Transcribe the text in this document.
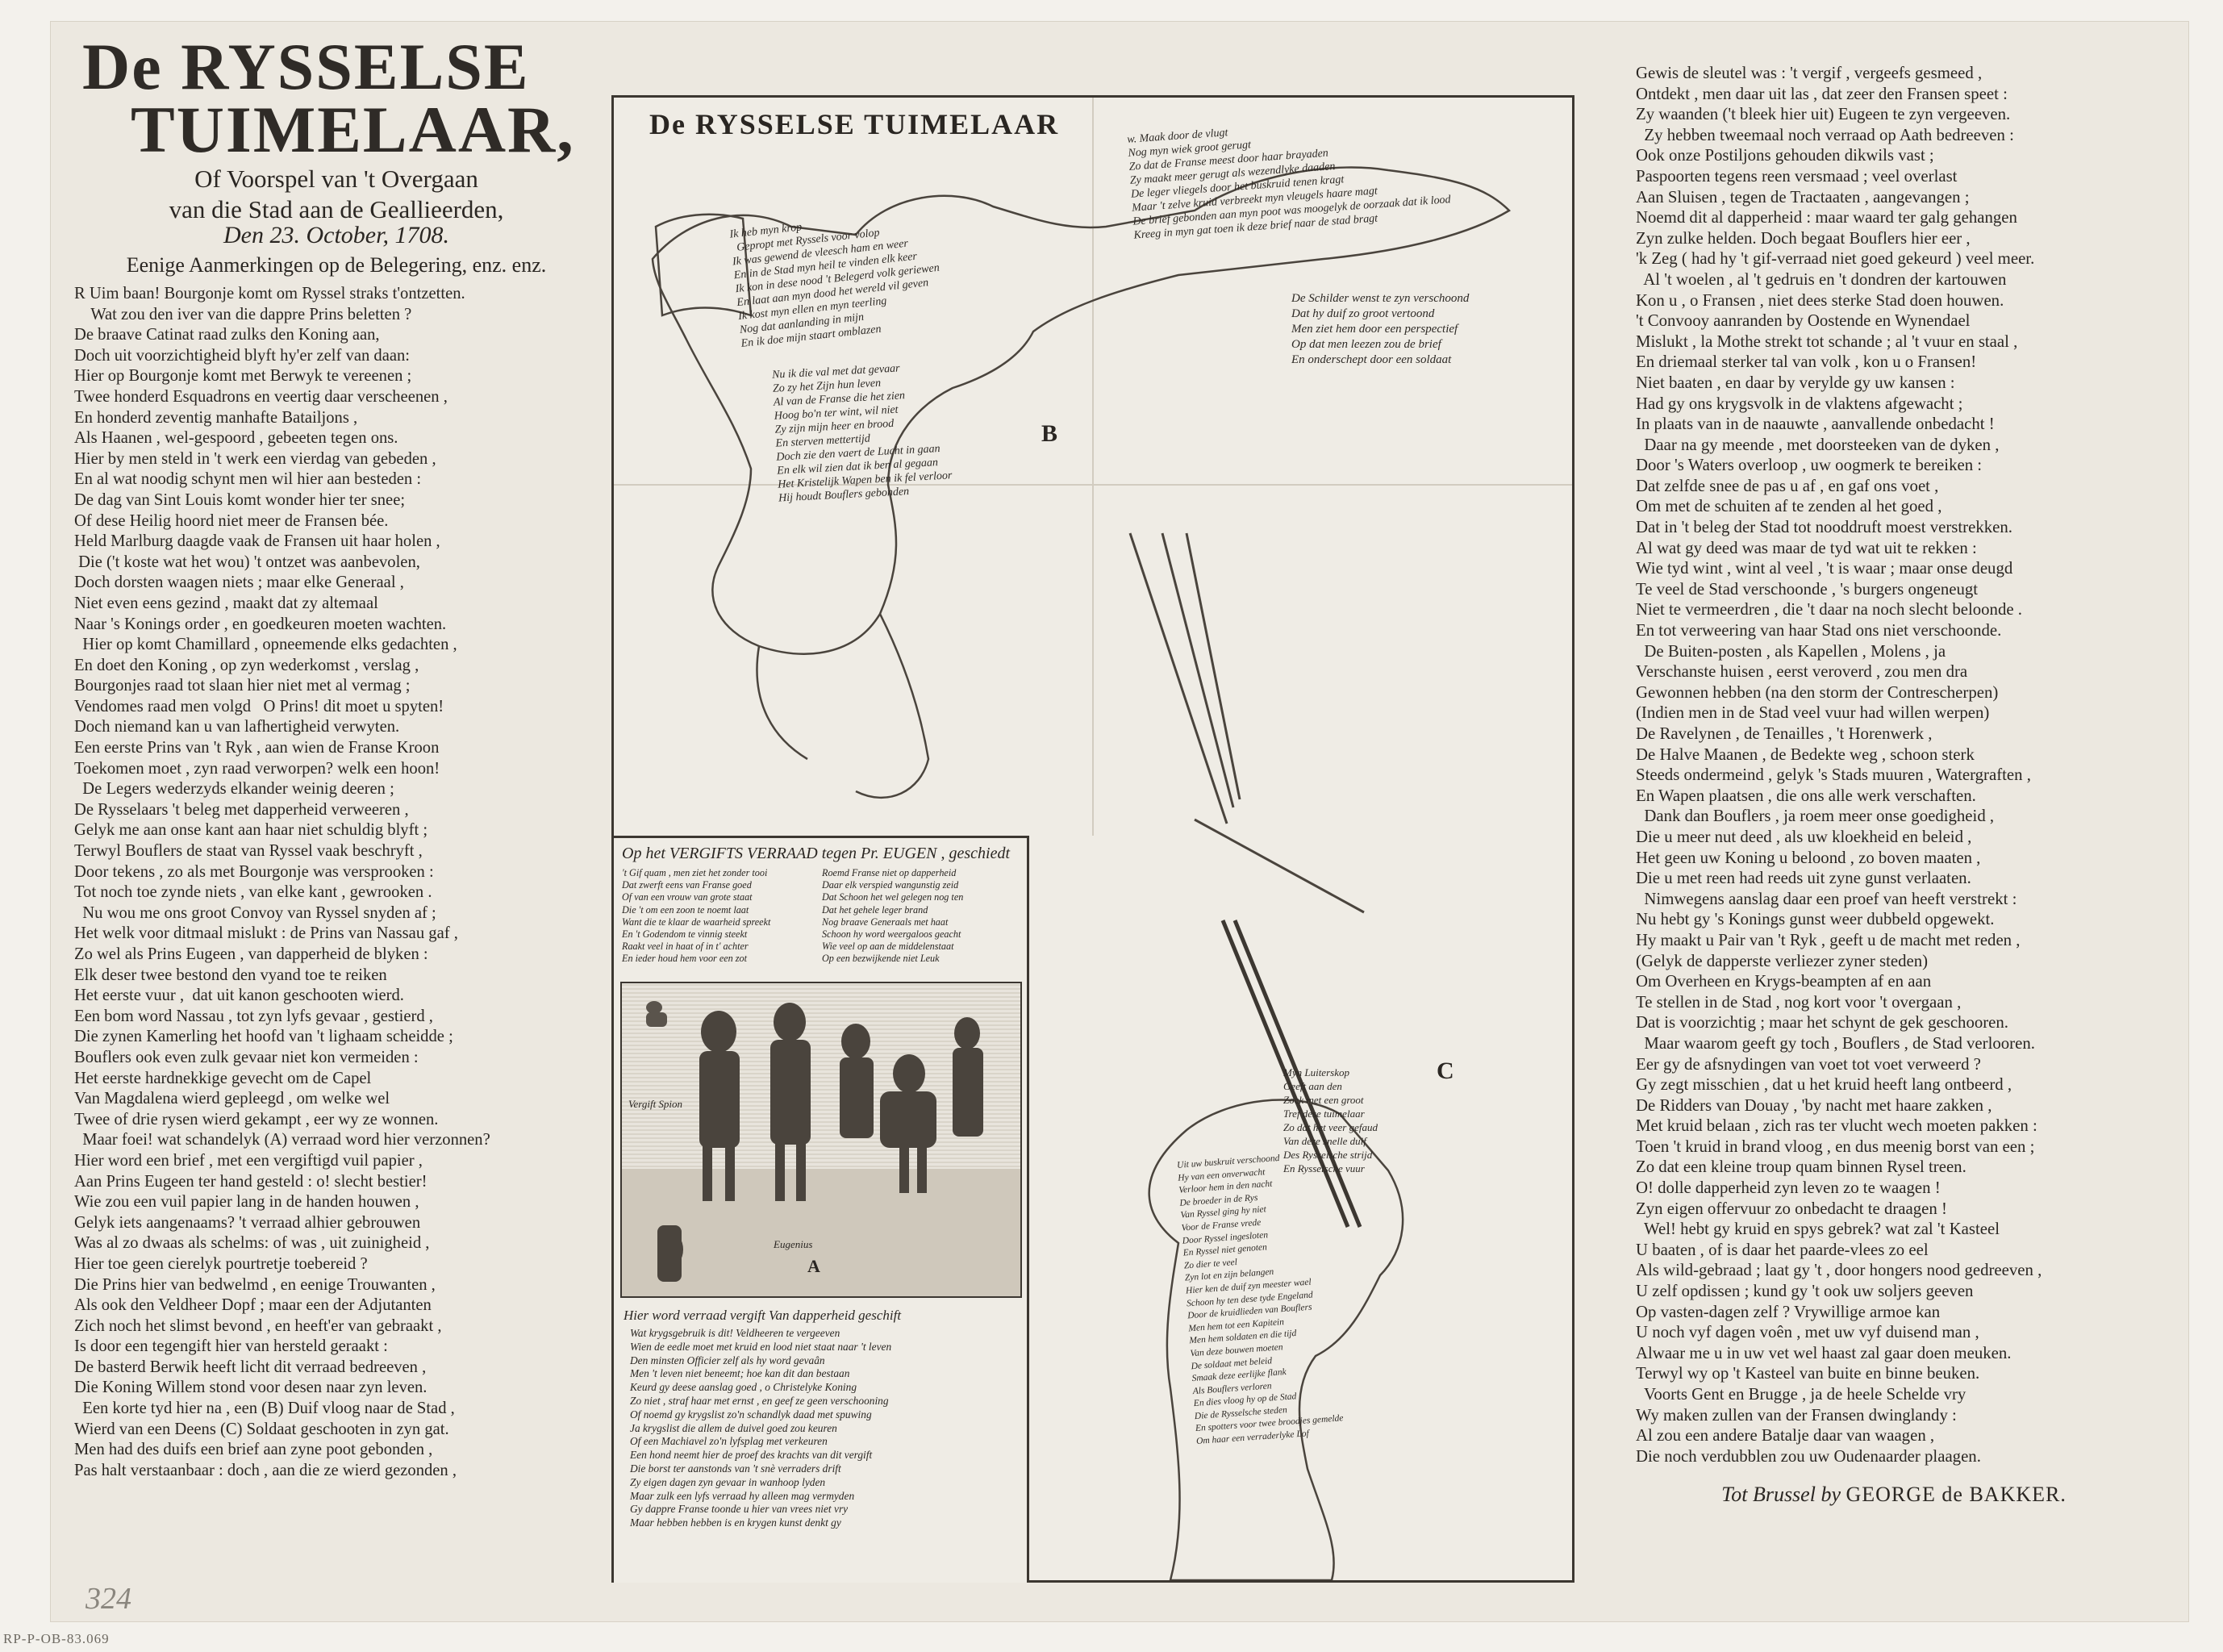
De RYSSELSE
TUIMELAAR,
Of Voorspel van 't Overgaan
van die Stad aan de Geallieerden,
Den 23. October, 1708.
Eenige Aanmerkingen op de Belegering, enz. enz.
R Uim baan! Bourgonje komt om Ryssel straks t'ontzetten.
Wat zou den iver van die dappre Prins beletten ?
De braave Catinat raad zulks den Koning aan,
Doch uit voorzichtigheid blyft hy'er zelf van daan:
Hier op Bourgonje komt met Berwyk te vereenen ;
Twee honderd Esquadrons en veertig daar verscheenen ,
En honderd zeventig manhafte Batailjons ,
Als Haanen , wel-gespoord , gebeeten tegen ons.
Hier by men steld in 't werk een vierdag van gebeden ,
En al wat noodig schynt men wil hier aan besteden :
De dag van Sint Louis komt wonder hier ter snee;
Of dese Heilig hoord niet meer de Fransen bée.
Held Marlburg daagde vaak de Fransen uit haar holen ,
Die ('t koste wat het wou) 't ontzet was aanbevolen,
Doch dorsten waagen niets ; maar elke Generaal ,
Niet even eens gezind , maakt dat zy altemaal
Naar 's Konings order , en goedkeuren moeten wachten.
Hier op komt Chamillard , opneemende elks gedachten ,
En doet den Koning , op zyn wederkomst , verslag ,
Bourgonjes raad tot slaan hier niet met al vermag ;
Vendomes raad men volgd   O Prins! dit moet u spyten!
Doch niemand kan u van lafhertigheid verwyten.
Een eerste Prins van 't Ryk , aan wien de Franse Kroon
Toekomen moet , zyn raad verworpen? welk een hoon!
De Legers wederzyds elkander weinig deeren ;
De Rysselaars 't beleg met dapperheid verweeren ,
Gelyk me aan onse kant aan haar niet schuldig blyft ;
Terwyl Bouflers de staat van Ryssel vaak beschryft ,
Door tekens , zo als met Bourgonje was versprooken :
Tot noch toe zynde niets , van elke kant , gewrooken .
Nu wou me ons groot Convoy van Ryssel snyden af ;
Het welk voor ditmaal mislukt : de Prins van Nassau gaf ,
Zo wel als Prins Eugeen , van dapperheid de blyken :
Elk deser twee bestond den vyand toe te reiken
Het eerste vuur ,  dat uit kanon geschooten wierd.
Een bom word Nassau , tot zyn lyfs gevaar , gestierd ,
Die zynen Kamerling het hoofd van 't lighaam scheidde ;
Bouflers ook even zulk gevaar niet kon vermeiden :
Het eerste hardnekkige gevecht om de Capel
Van Magdalena wierd gepleegd , om welke wel
Twee of drie rysen wierd gekampt , eer wy ze wonnen.
Maar foei! wat schandelyk (A) verraad word hier verzonnen?
Hier word een brief , met een vergiftigd vuil papier ,
Aan Prins Eugeen ter hand gesteld : o! slecht bestier!
Wie zou een vuil papier lang in de handen houwen ,
Gelyk iets aangenaams? 't verraad alhier gebrouwen
Was al zo dwaas als schelms: of was , uit zuinigheid ,
Hier toe geen cierelyk pourtretje toebereid ?
Die Prins hier van bedwelmd , en eenige Trouwanten ,
Als ook den Veldheer Dopf ; maar een der Adjutanten
Zich noch het slimst bevond , en heeft'er van gebraakt ,
Is door een tegengift hier van hersteld geraakt :
De basterd Berwik heeft licht dit verraad bedreeven ,
Die Koning Willem stond voor desen naar zyn leven.
Een korte tyd hier na , een (B) Duif vloog naar de Stad ,
Wierd van een Deens (C) Soldaat geschooten in zyn gat.
Men had des duifs een brief aan zyne poot gebonden ,
Pas halt verstaanbaar : doch , aan die ze wierd gezonden ,
De RYSSELSE TUIMELAAR
Ik heb myn krop
Gepropt met Ryssels voor volop
Ik was gewend de vleesch ham en weer
En in de Stad myn heil te vinden elk keer
Ik kon in dese nood 't Belegerd volk geriewen
En laat aan myn dood het wereld vil geven
Ik kost myn ellen en myn teerling
Nog dat aanlanding in mijn
En ik doe mijn staart omblazen
Nu ik die val met dat gevaar
Zo zy het Zijn hun leven
Al van de Franse die het zien
Hoog bo'n ter wint, wil niet
Zy zijn mijn heer en brood
En sterven mettertijd
Doch zie den vaert de Lucht in gaan
En elk wil zien dat ik ben al gegaan
Het Kristelijk Wapen ben ik fel verloor
Hij houdt Bouflers gebonden
w. Maak door de vlugt
Nog myn wiek groot gerugt
Zo dat de Franse meest door haar brayaden
Zy maakt meer gerugt als wezendlyke daaden
De leger vliegels door het buskruid tenen kragt
Maar 't zelve kruid verbreekt myn vleugels haare magt
De brief gebonden aan myn poot was moogelyk de oorzaak dat ik lood
Kreeg in myn gat toen ik deze brief naar de stad bragt
De Schilder wenst te zyn verschoond
Dat hy duif zo groot vertoond
Men ziet hem door een perspectief
Op dat men leezen zou de brief
En onderschept door een soldaat
B
C
Myn Luiterskop
Geeft aan den
Zoek met een groot
Tref dese tuimelaar
Zo dat het veer gefaud
Van deze snelle duif
Des Rysselsche strijd
En Rysselsche vuur
Uit uw buskruit verschoond
Hy van een onverwacht
Verloor hem in den nacht
De broeder in de Rys
Van Ryssel ging hy niet
Voor de Franse vrede
Door Ryssel ingesloten
En Ryssel niet genoten
Zo dier te veel
Zyn lot en zijn belangen
Hier ken de duif zyn meester wael
Schoon hy ten dese tyde Engeland
Door de kruidlieden van Bouflers
Men hem tot een Kapitein
Men hem soldaten en die tijd
Van deze bouwen moeten
De soldaat met beleid
Smaak deze eerlijke flank
Als Bouflers verloren
En dies vloog hy op de Stad
Die de Rysselsche steden
En spotters voor twee broodjes gemelde
Om haar een verraderlyke Lof
Op het VERGIFTS VERRAAD tegen Pr. EUGEN , geschiedt
't Gif quam , men ziet het zonder tooi
Dat zwerft eens van Franse goed
Of van een vrouw van grote staat
Die 't om een zoon te noemt laat
Want die te klaar de waarheid spreekt
En 't Godendom te vinnig steekt
Raakt veel in haat of in t' achter
En ieder houd hem voor een zot
Roemd Franse niet op dapperheid
Daar elk verspied wangunstig zeid
Dat Schoon het wel gelegen nog ten
Dat het gehele leger brand
Nog braave Generaals met haat
Schoon hy word weergaloos geacht
Wie veel op aan de middelenstaat
Op een bezwijkende niet Leuk
Vergift Spion
Eugenius
A
Hier word verraad vergift Van dapperheid geschift
Wat krygsgebruik is dit! Veldheeren te vergeeven
Wien de eedle moet met kruid en lood niet staat naar 't leven
Den minsten Officier zelf als hy word gevaân
Men 't leven niet beneemt; hoe kan dit dan bestaan
Keurd gy deese aanslag goed , o Christelyke Koning
Zo niet , straf haar met ernst , en geef ze geen verschooning
Of noemd gy krygslist zo'n schandlyk daad met spuwing
Ja krygslist die allem de duivel goed zou keuren
Of een Machiavel zo'n lyfsplag met verkeuren
Een hond neemt hier de proef des krachts van dit vergift
Die borst ter aanstonds van 't snè verraders drift
Zy eigen dagen zyn gevaar in wanhoop lyden
Maar zulk een lyfs verraad hy alleen mag vermyden
Gy dappre Franse toonde u hier van vrees niet vry
Maar hebben hebben is en krygen kunst denkt gy
Gewis de sleutel was : 't vergif , vergeefs gesmeed ,
Ontdekt , men daar uit las , dat zeer den Fransen speet :
Zy waanden ('t bleek hier uit) Eugeen te zyn vergeeven.
Zy hebben tweemaal noch verraad op Aath bedreeven :
Ook onze Postiljons gehouden dikwils vast ;
Paspoorten tegens reen versmaad ; veel overlast
Aan Sluisen , tegen de Tractaaten , aangevangen ;
Noemd dit al dapperheid : maar waard ter galg gehangen
Zyn zulke helden. Doch begaat Bouflers hier eer ,
'k Zeg ( had hy 't gif-verraad niet goed gekeurd ) veel meer.
Al 't woelen , al 't gedruis en 't dondren der kartouwen
Kon u , o Fransen , niet dees sterke Stad doen houwen.
't Convooy aanranden by Oostende en Wynendael
Mislukt , la Mothe strekt tot schande ; al 't vuur en staal ,
En driemaal sterker tal van volk , kon u o Fransen!
Niet baaten , en daar by verylde gy uw kansen :
Had gy ons krygsvolk in de vlaktens afgewacht ;
In plaats van in de naauwte , aanvallende onbedacht !
Daar na gy meende , met doorsteeken van de dyken ,
Door 's Waters overloop , uw oogmerk te bereiken :
Dat zelfde snee de pas u af , en gaf ons voet ,
Om met de schuiten af te zenden al het goed ,
Dat in 't beleg der Stad tot nooddruft moest verstrekken.
Al wat gy deed was maar de tyd wat uit te rekken :
Wie tyd wint , wint al veel , 't is waar ; maar onse deugd
Te veel de Stad verschoonde , 's burgers ongeneugt
Niet te vermeerdren , die 't daar na noch slecht beloonde .
En tot verweering van haar Stad ons niet verschoonde.
De Buiten-posten , als Kapellen , Molens , ja
Verschanste huisen , eerst veroverd , zou men dra
Gewonnen hebben (na den storm der Contrescherpen)
(Indien men in de Stad veel vuur had willen werpen)
De Ravelynen , de Tenailles , 't Horenwerk ,
De Halve Maanen , de Bedekte weg , schoon sterk
Steeds ondermeind , gelyk 's Stads muuren , Watergraften ,
En Wapen plaatsen , die ons alle werk verschaften.
Dank dan Bouflers , ja roem meer onse goedigheid ,
Die u meer nut deed , als uw kloekheid en beleid ,
Het geen uw Koning u beloond , zo boven maaten ,
Die u met reen had reeds uit zyne gunst verlaaten.
Nimwegens aanslag daar een proef van heeft verstrekt :
Nu hebt gy 's Konings gunst weer dubbeld opgewekt.
Hy maakt u Pair van 't Ryk , geeft u de macht met reden ,
(Gelyk de dapperste verliezer zyner steden)
Om Overheen en Krygs-beampten af en aan
Te stellen in de Stad , nog kort voor 't overgaan ,
Dat is voorzichtig ; maar het schynt de gek geschooren.
Maar waarom geeft gy toch , Bouflers , de Stad verlooren.
Eer gy de afsnydingen van voet tot voet verweerd ?
Gy zegt misschien , dat u het kruid heeft lang ontbeerd ,
De Ridders van Douay , 'by nacht met haare zakken ,
Met kruid belaan , zich ras ter vlucht wech moeten pakken :
Toen 't kruid in brand vloog , en dus meenig borst van een ;
Zo dat een kleine troup quam binnen Rysel treen.
O! dolle dapperheid zyn leven zo te waagen !
Zyn eigen offervuur zo onbedacht te draagen !
Wel! hebt gy kruid en spys gebrek? wat zal 't Kasteel
U baaten , of is daar het paarde-vlees zo eel
Als wild-gebraad ; laat gy 't , door hongers nood gedreeven ,
U zelf opdissen ; kund gy 't ook uw soljers geeven
Op vasten-dagen zelf ? Vrywillige armoe kan
U noch vyf dagen voên , met uw vyf duisend man ,
Alwaar me u in uw vet wel haast zal gaar doen meuken.
Terwyl wy op 't Kasteel van buite en binne beuken.
Voorts Gent en Brugge , ja de heele Schelde vry
Wy maken zullen van der Fransen dwinglandy :
Al zou een andere Batalje daar van waagen ,
Die noch verdubblen zou uw Oudenaarder plaagen.
Tot Brussel by GEORGE de BAKKER.
324
RP-P-OB-83.069
